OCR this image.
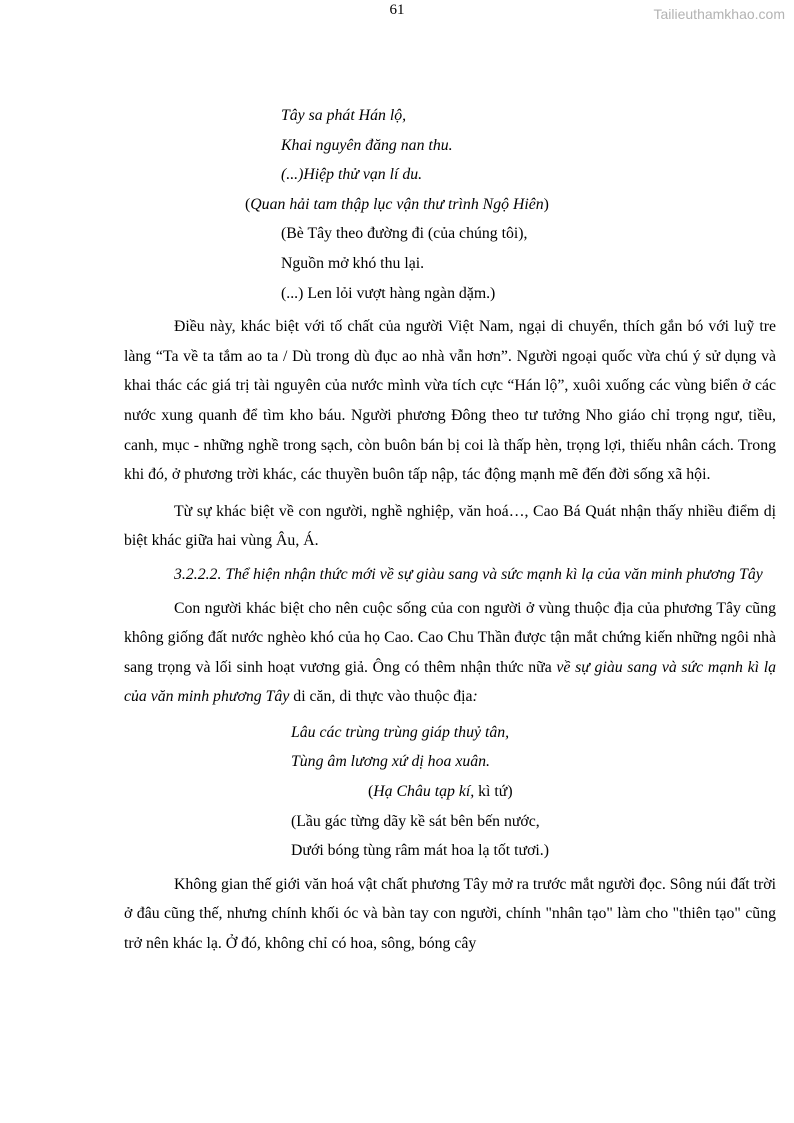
61	Tailieuthamkhao.com
Tây sa phát Hán lộ,
Khai nguyên đăng nan thu.
(...)Hiệp thử vạn lí du.
(Quan hải tam thập lục vận thư trình Ngộ Hiên)
(Bè Tây theo đường đi (của chúng tôi),
Nguồn mở khó thu lại.
(...) Len lỏi vượt hàng ngàn dặm.)

Điều này, khác biệt với tố chất của người Việt Nam, ngại di chuyển, thích gắn bó với luỹ tre làng “Ta về ta tắm ao ta / Dù trong dù đục ao nhà vẫn hơn”. Người ngoại quốc vừa chú ý sử dụng và khai thác các giá trị tài nguyên của nước mình vừa tích cực “Hán lộ”, xuôi xuống các vùng biển ở các nước xung quanh để tìm kho báu. Người phương Đông theo tư tưởng Nho giáo chỉ trọng ngư, tiều, canh, mục - những nghề trong sạch, còn buôn bán bị coi là thấp hèn, trọng lợi, thiếu nhân cách. Trong khi đó, ở phương trời khác, các thuyền buôn tấp nập, tác động mạnh mẽ đến đời sống xã hội.

Từ sự khác biệt về con người, nghề nghiệp, văn hoá…, Cao Bá Quát nhận thấy nhiều điểm dị biệt khác giữa hai vùng Âu, Á.

3.2.2.2. Thể hiện nhận thức mới về sự giàu sang và sức mạnh kì lạ của văn minh phương Tây

Con người khác biệt cho nên cuộc sống của con người ở vùng thuộc địa của phương Tây cũng không giống đất nước nghèo khó của họ Cao. Cao Chu Thần được tận mắt chứng kiến những ngôi nhà sang trọng và lối sinh hoạt vương giả. Ông có thêm nhận thức nữa về sự giàu sang và sức mạnh kì lạ của văn minh phương Tây di căn, di thực vào thuộc địa:

Lâu các trùng trùng giáp thuỷ tân,
Tùng âm lương xứ dị hoa xuân.
(Hạ Châu tạp kí, kì tứ)
(Lầu gác từng dãy kề sát bên bến nước,
Dưới bóng tùng râm mát hoa lạ tốt tươi.)

Không gian thế giới văn hoá vật chất phương Tây mở ra trước mắt người đọc. Sông núi đất trời ở đâu cũng thế, nhưng chính khối óc và bàn tay con người, chính "nhân tạo" làm cho "thiên tạo" cũng trở nên khác lạ. Ở đó, không chỉ có hoa, sông, bóng cây
